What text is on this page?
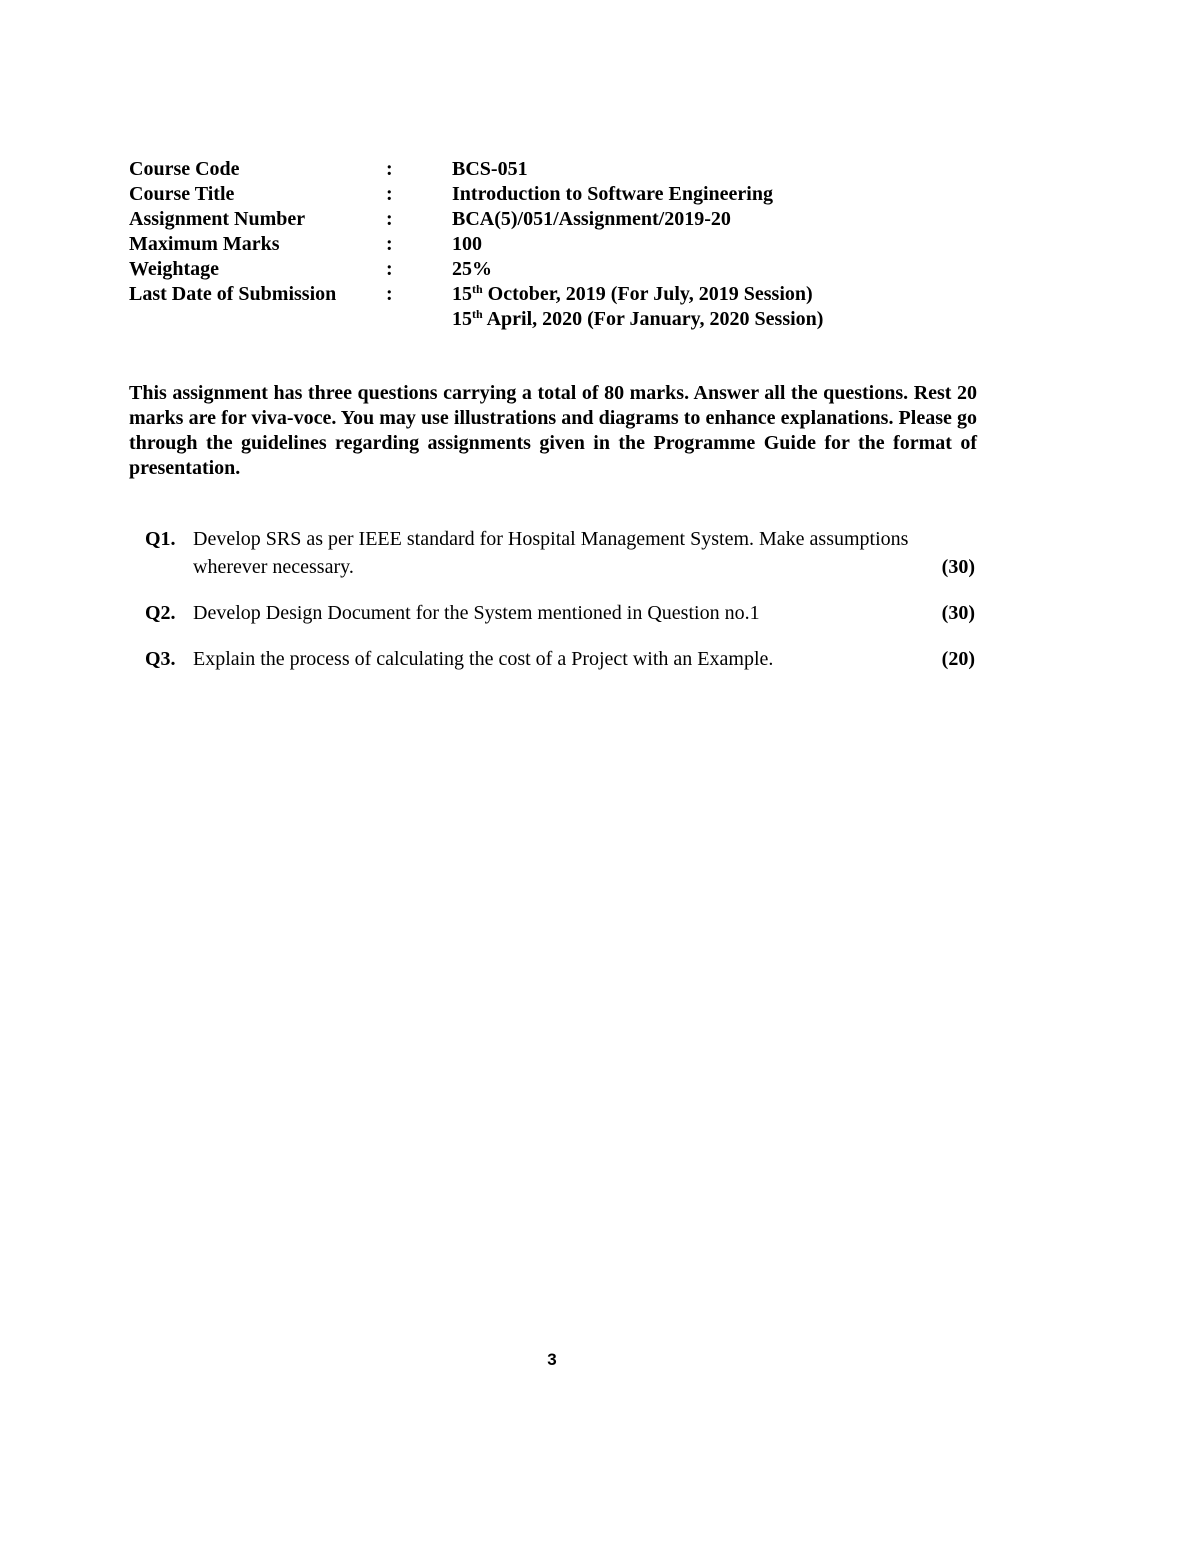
Course Code	:	BCS-051
Course Title	:	Introduction to Software Engineering
Assignment Number	:	BCA(5)/051/Assignment/2019-20
Maximum Marks	:	100
Weightage	:	25%
Last Date of Submission	:	15th October, 2019 (For July, 2019 Session)
15th April, 2020 (For January, 2020 Session)

This assignment has three questions carrying a total of 80 marks. Answer all the questions. Rest 20 marks are for viva-voce. You may use illustrations and diagrams to enhance explanations. Please go through the guidelines regarding assignments given in the Programme Guide for the format of presentation.

Q1. Develop SRS as per IEEE standard for Hospital Management System. Make assumptions
wherever necessary.	(30)
Q2. Develop Design Document for the System mentioned in Question no.1	(30)
Q3. Explain the process of calculating the cost of a Project with an Example.	(20)
3
